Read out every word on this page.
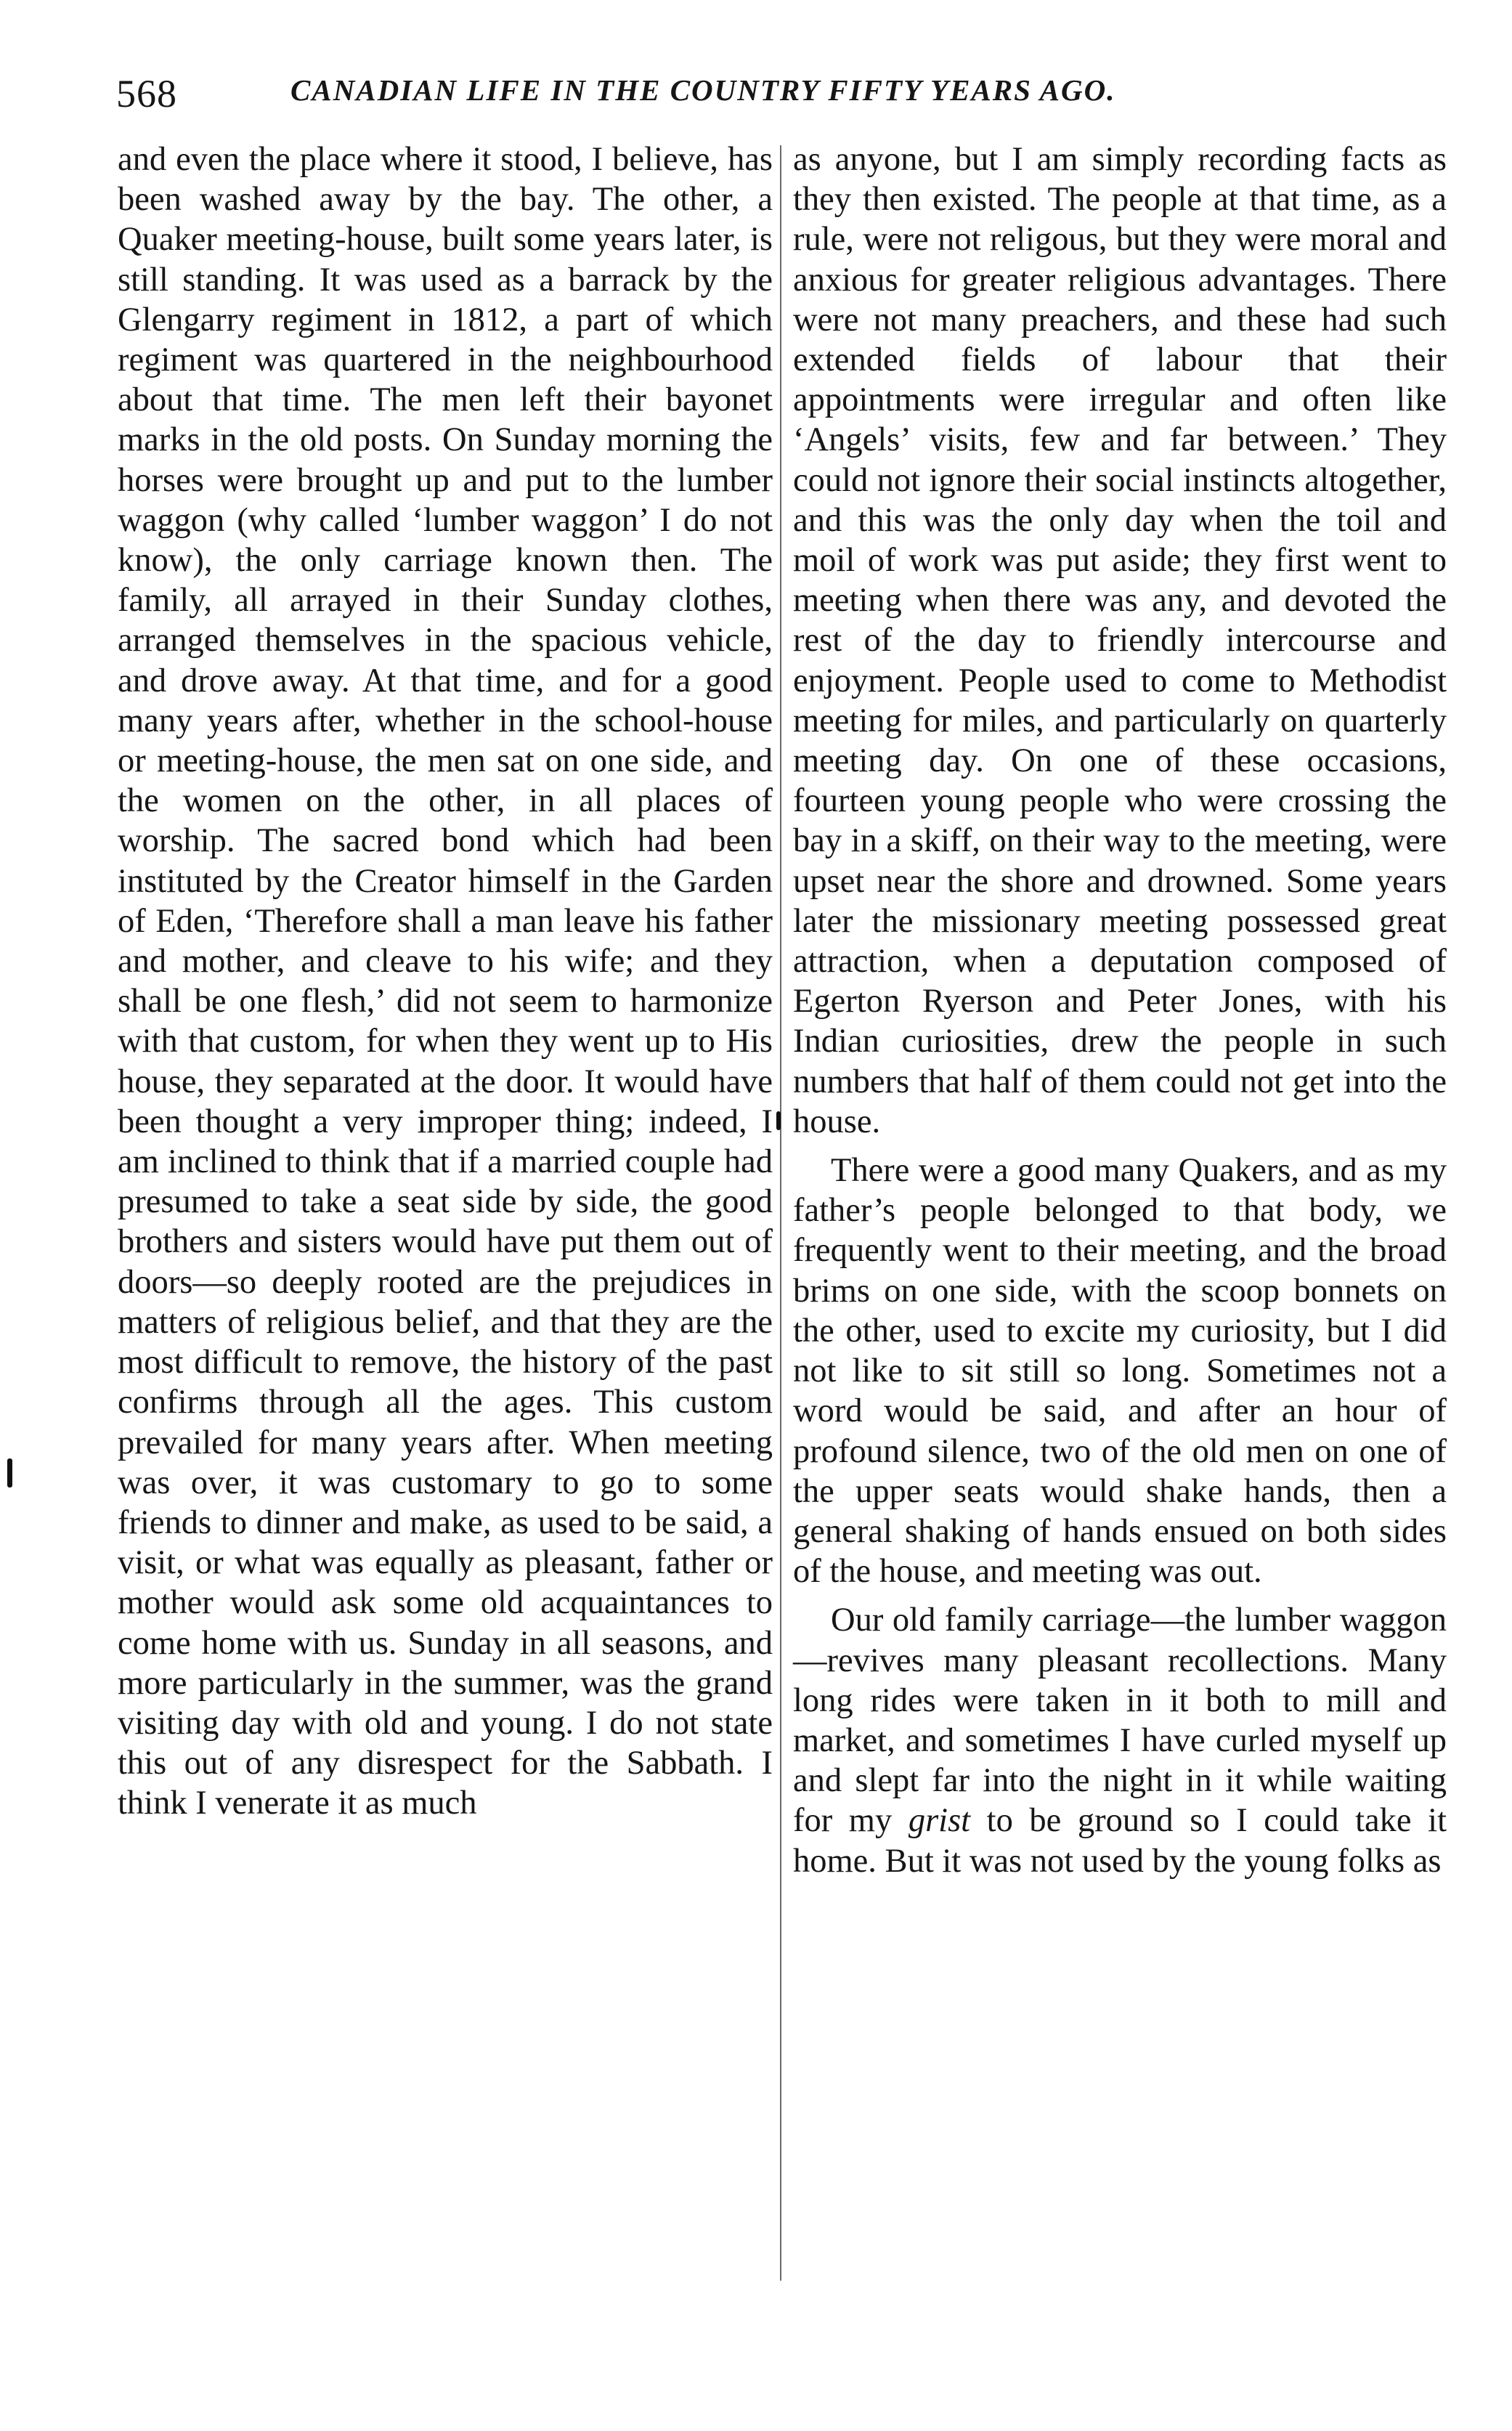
568	CANADIAN LIFE IN THE COUNTRY FIFTY YEARS AGO.

and even the place where it stood, I believe, has been washed away by the bay. The other, a Quaker meeting-house, built some years later, is still standing. It was used as a barrack by the Glengarry regiment in 1812, a part of which regiment was quartered in the neighbourhood about that time. The men left their bayonet marks in the old posts. On Sunday morning the horses were brought up and put to the lumber waggon (why called ‘lumber waggon’ I do not know), the only carriage known then. The family, all arrayed in their Sunday clothes, arranged themselves in the spacious vehicle, and drove away. At that time, and for a good many years after, whether in the school-house or meeting-house, the men sat on one side, and the women on the other, in all places of worship. The sacred bond which had been instituted by the Creator himself in the Garden of Eden, ‘Therefore shall a man leave his father and mother, and cleave to his wife; and they shall be one flesh,’ did not seem to harmonize with that custom, for when they went up to His house, they separated at the door. It would have been thought a very improper thing; indeed, I am inclined to think that if a married couple had presumed to take a seat side by side, the good brothers and sisters would have put them out of doors—so deeply rooted are the prejudices in matters of religious belief, and that they are the most difficult to remove, the history of the past confirms through all the ages. This custom prevailed for many years after. When meeting was over, it was customary to go to some friends to dinner and make, as used to be said, a visit, or what was equally as pleasant, father or mother would ask some old acquaintances to come home with us. Sunday in all seasons, and more particularly in the summer, was the grand visiting day with old and young. I do not state this out of any disrespect for the Sabbath. I think I venerate it as much

as anyone, but I am simply recording facts as they then existed. The people at that time, as a rule, were not religous, but they were moral and anxious for greater religious advantages. There were not many preachers, and these had such extended fields of labour that their appointments were irregular and often like ‘Angels’ visits, few and far between.’ They could not ignore their social instincts altogether, and this was the only day when the toil and moil of work was put aside; they first went to meeting when there was any, and devoted the rest of the day to friendly intercourse and enjoyment. People used to come to Methodist meeting for miles, and particularly on quarterly meeting day. On one of these occasions, fourteen young people who were crossing the bay in a skiff, on their way to the meeting, were upset near the shore and drowned. Some years later the missionary meeting possessed great attraction, when a deputation composed of Egerton Ryerson and Peter Jones, with his Indian curiosities, drew the people in such numbers that half of them could not get into the house.

There were a good many Quakers, and as my father’s people belonged to that body, we frequently went to their meeting, and the broad brims on one side, with the scoop bonnets on the other, used to excite my curiosity, but I did not like to sit still so long. Sometimes not a word would be said, and after an hour of profound silence, two of the old men on one of the upper seats would shake hands, then a general shaking of hands ensued on both sides of the house, and meeting was out.

Our old family carriage—the lumber waggon—revives many pleasant recollections. Many long rides were taken in it both to mill and market, and sometimes I have curled myself up and slept far into the night in it while waiting for my grist to be ground so I could take it home. But it was not used by the young folks as
